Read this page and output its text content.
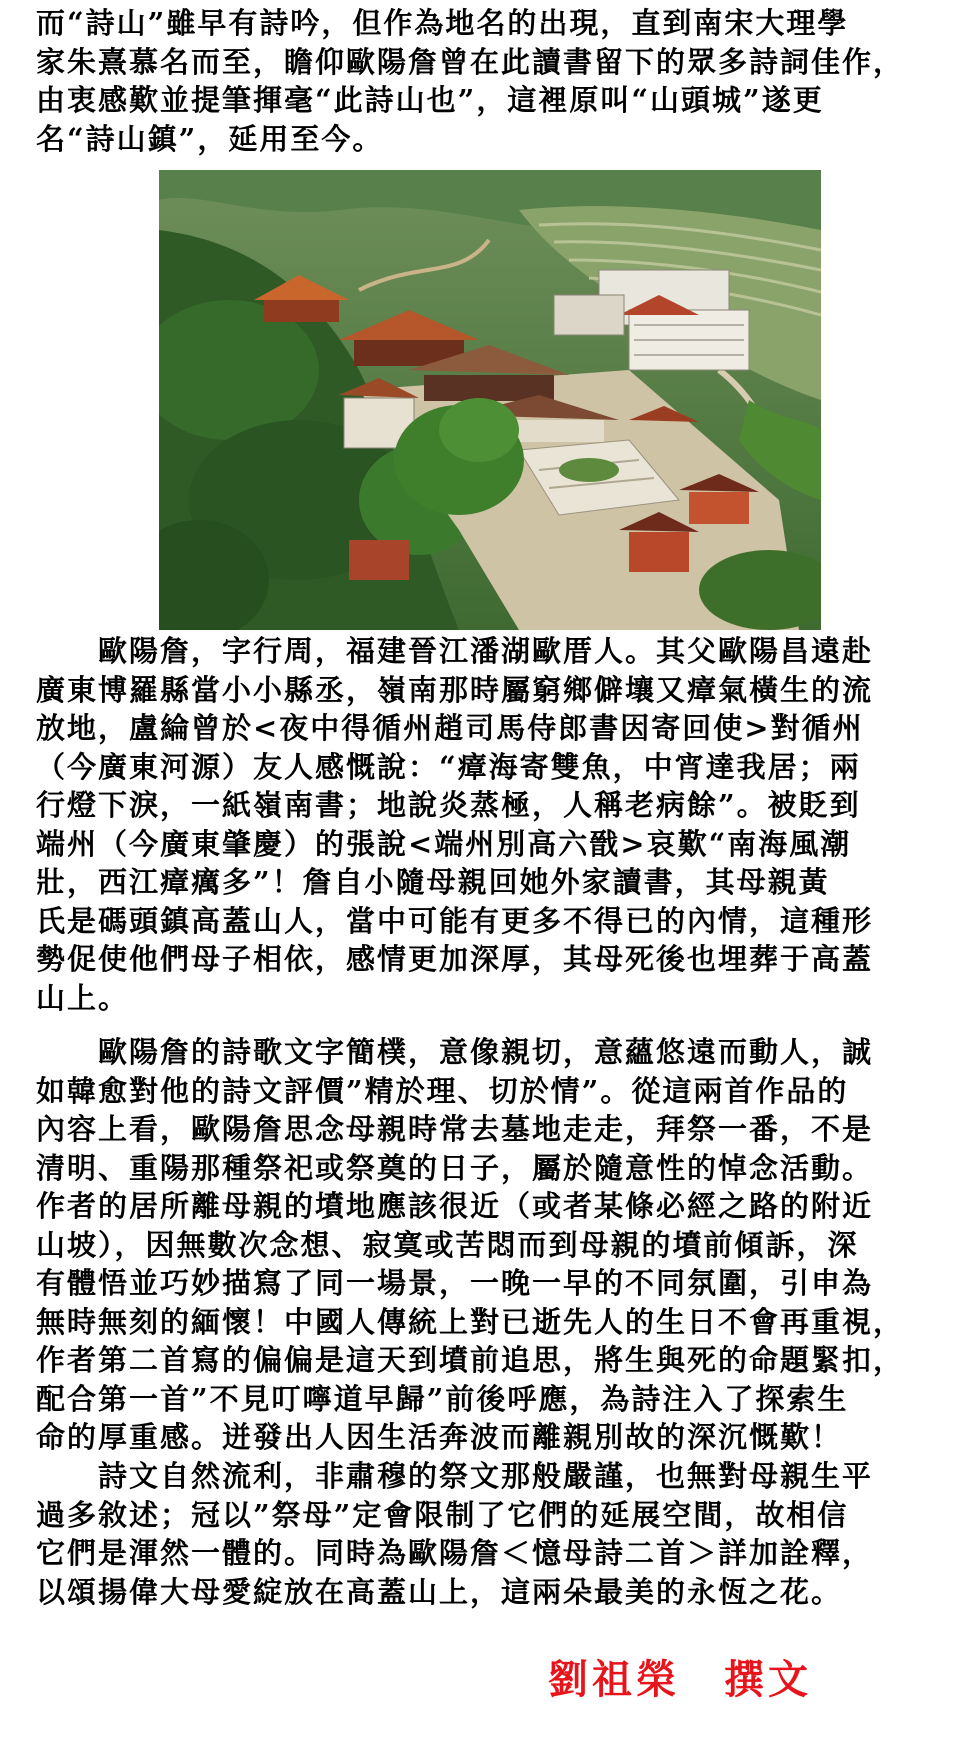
而“詩山”雖早有詩吟，但作為地名的出現，直到南宋大理學
家朱熹慕名而至，瞻仰歐陽詹曾在此讀書留下的眾多詩詞佳作，
由衷感歎並提筆揮毫“此詩山也”，這裡原叫“山頭城”遂更
名“詩山鎮”，延用至今。
　　歐陽詹，字行周，福建晉江潘湖歐厝人。其父歐陽昌遠赴
廣東博羅縣當小小縣丞，嶺南那時屬窮鄉僻壤又瘴氣橫生的流
放地，盧綸曾於<夜中得循州趙司馬侍郎書因寄回使>對循州
（今廣東河源）友人感慨說：“瘴海寄雙魚，中宵達我居；兩
行燈下淚，一紙嶺南書；地說炎蒸極，人稱老病餘”。被貶到
端州（今廣東肇慶）的張說<端州別高六戩>哀歎“南海風潮
壯，西江瘴癘多”！詹自小隨母親回她外家讀書，其母親黃
氏是碼頭鎮高蓋山人，當中可能有更多不得已的內情，這種形
勢促使他們母子相依，感情更加深厚，其母死後也埋葬于高蓋
山上。
　　歐陽詹的詩歌文字簡樸，意像親切，意蘊悠遠而動人，誠
如韓愈對他的詩文評價”精於理、切於情”。從這兩首作品的
內容上看，歐陽詹思念母親時常去墓地走走，拜祭一番，不是
清明、重陽那種祭祀或祭奠的日子，屬於隨意性的悼念活動。
作者的居所離母親的墳地應該很近（或者某條必經之路的附近
山坡），因無數次念想、寂寞或苦悶而到母親的墳前傾訴，深
有體悟並巧妙描寫了同一場景，一晚一早的不同氛圍，引申為
無時無刻的緬懷！中國人傳統上對已逝先人的生日不會再重視，
作者第二首寫的偏偏是這天到墳前追思，將生與死的命題緊扣，
配合第一首”不見叮嚀道早歸”前後呼應，為詩注入了探索生
命的厚重感。迸發出人因生活奔波而離親別故的深沉慨歎！
　　詩文自然流利，非肅穆的祭文那般嚴謹，也無對母親生平
過多敘述；冠以”祭母”定會限制了它們的延展空間，故相信
它們是渾然一體的。同時為歐陽詹＜憶母詩二首＞詳加詮釋，
以頌揚偉大母愛綻放在高蓋山上，這兩朵最美的永恆之花。
劉祖榮　撰文
